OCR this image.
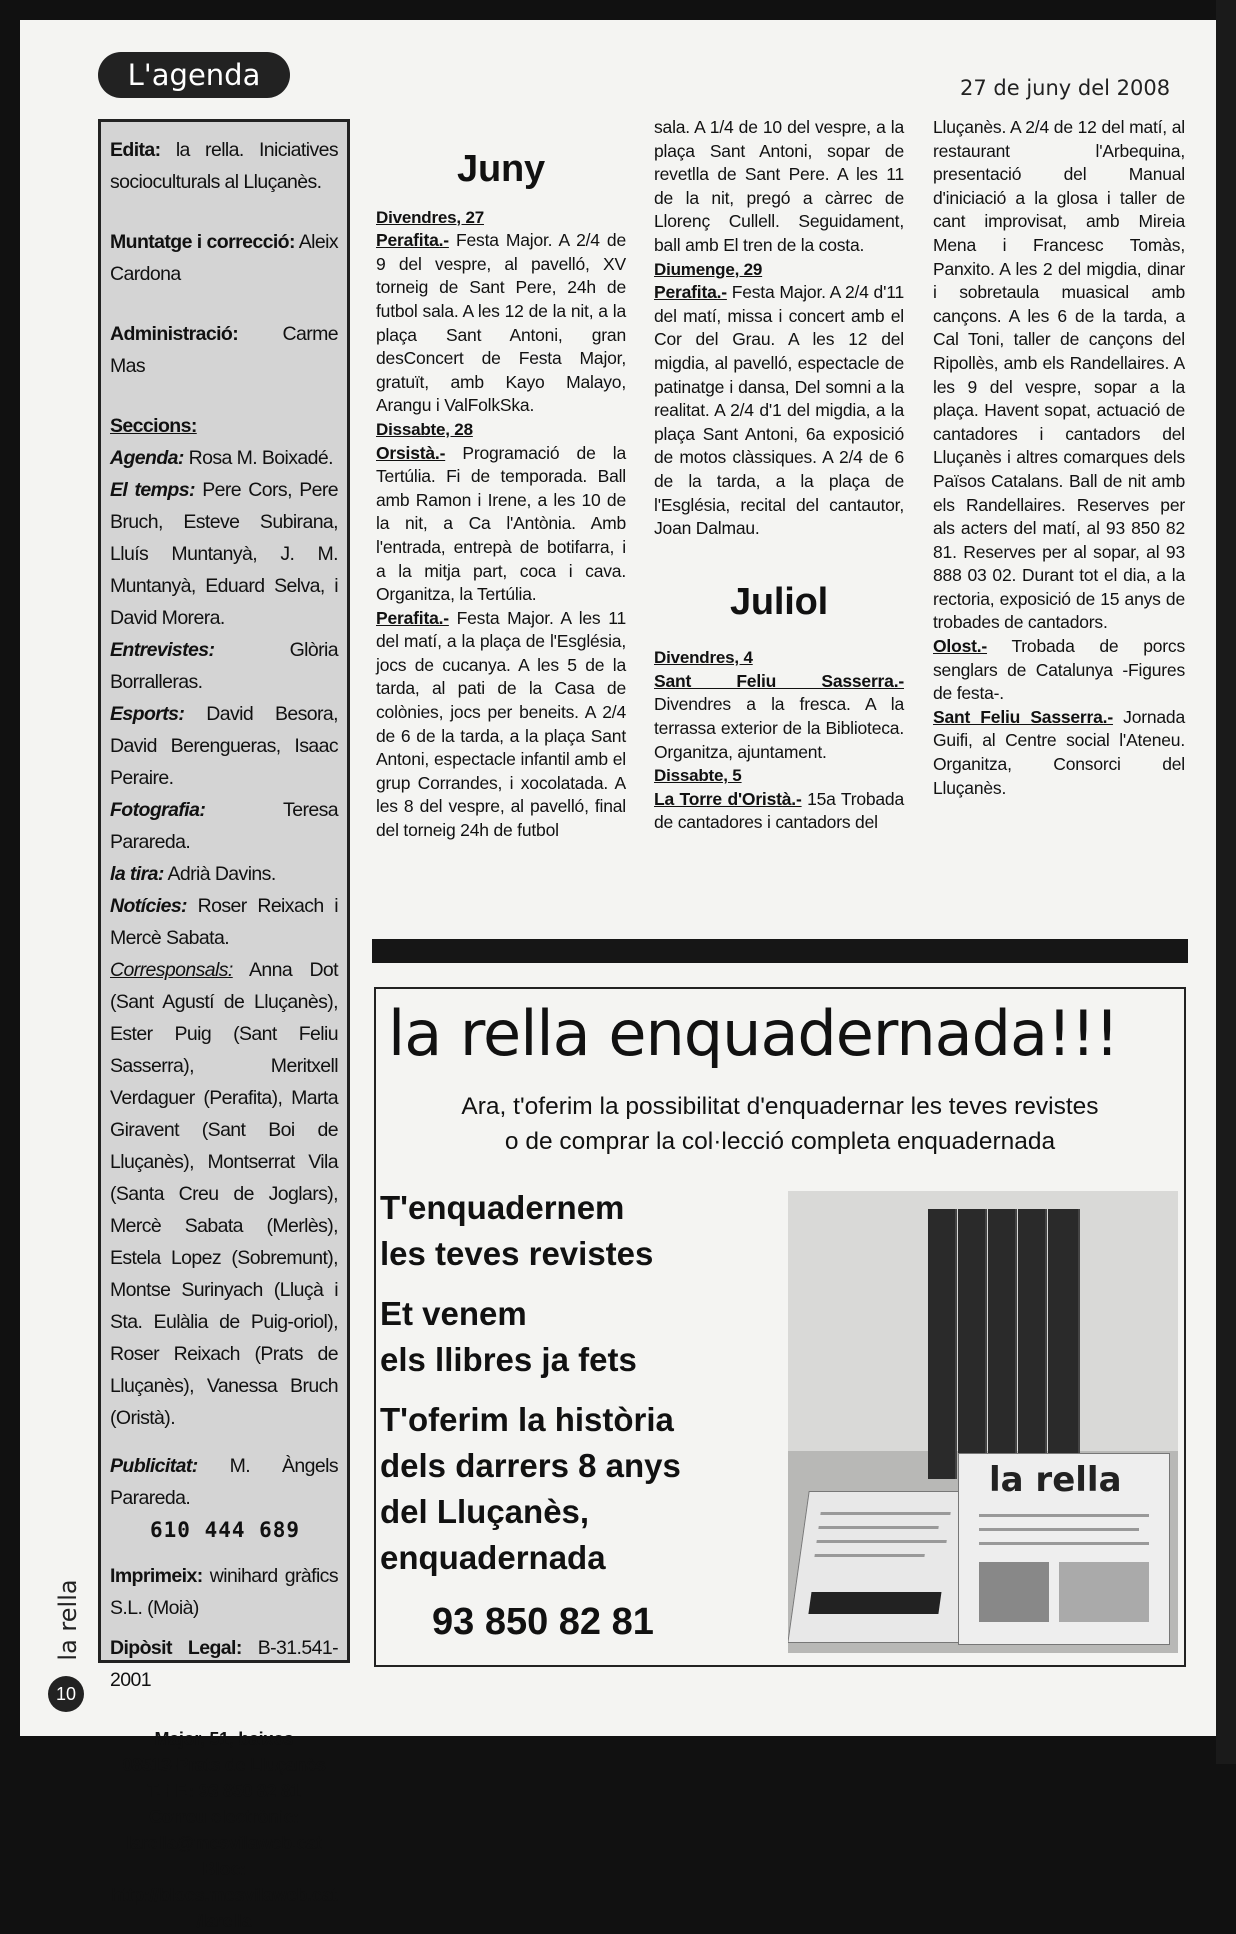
L'agenda	27 de juny del 2008

Edita: la rella. Iniciatives socioculturals al Lluçanès.

Muntatge i correcció: Aleix Cardona

Administració: Carme Mas

Seccions:

Agenda: Rosa M. Boixadé.

El temps: Pere Cors, Pere Bruch, Esteve Subirana, Lluís Muntanyà, J. M. Muntanyà, Eduard Selva, i David Morera.

Entrevistes: Glòria Borralleras.

Esports: David Besora, David Berengueras, Isaac Peraire.

Fotografia: Teresa Parareda.

la tira: Adrià Davins.

Notícies: Roser Reixach i Mercè Sabata.

Corresponsals: Anna Dot (Sant Agustí de Lluçanès), Ester Puig (Sant Feliu Sasserra), Meritxell Verdaguer (Perafita), Marta Giravent (Sant Boi de Lluçanès), Montserrat Vila (Santa Creu de Joglars), Mercè Sabata (Merlès), Estela Lopez (Sobremunt), Montse Surinyach (Lluçà i Sta. Eulàlia de Puig-oriol), Roser Reixach (Prats de Lluçanès), Vanessa Bruch (Oristà).

Publicitat: M. Àngels Parareda.

610 444 689

Imprimeix: winihard gràfics S.L. (Moià)

Dipòsit Legal: B-31.541-2001

Major, 51, baixos
08513-Prats de Lluçanès
T. i F.: 93 850 82 81
Correu electrònic:
larella@mesvilaweb.cat
Bloc:
http://blocs.mesvilaweb.cat
/larella
la rella
10
Juny

Divendres, 27

Perafita.- Festa Major. A 2/4 de 9 del vespre, al pavelló, XV torneig de Sant Pere, 24h de futbol sala. A les 12 de la nit, a la plaça Sant Antoni, gran desConcert de Festa Major, gratuït, amb Kayo Malayo, Arangu i ValFolkSka.

Dissabte, 28

Orsistà.- Programació de la Tertúlia. Fi de temporada. Ball amb Ramon i Irene, a les 10 de la nit, a Ca l'Antònia. Amb l'entrada, entrepà de botifarra, i a la mitja part, coca i cava. Organitza, la Tertúlia.

Perafita.- Festa Major. A les 11 del matí, a la plaça de l'Església, jocs de cucanya. A les 5 de la tarda, al pati de la Casa de colònies, jocs per beneits. A 2/4 de 6 de la tarda, a la plaça Sant Antoni, espectacle infantil amb el grup Corrandes, i xocolatada. A les 8 del vespre, al pavelló, final del torneig 24h de futbol

sala. A 1/4 de 10 del vespre, a la plaça Sant Antoni, sopar de revetlla de Sant Pere. A les 11 de la nit, pregó a càrrec de Llorenç Cullell. Seguidament, ball amb El tren de la costa.

Diumenge, 29

Perafita.- Festa Major. A 2/4 d'11 del matí, missa i concert amb el Cor del Grau. A les 12 del migdia, al pavelló, espectacle de patinatge i dansa, Del somni a la realitat. A 2/4 d'1 del migdia, a la plaça Sant Antoni, 6a exposició de motos clàssiques. A 2/4 de 6 de la tarda, a la plaça de l'Església, recital del cantautor, Joan Dalmau.

Juliol

Divendres, 4

Sant Feliu Sasserra.- Divendres a la fresca. A la terrassa exterior de la Biblioteca. Organitza, ajuntament.

Dissabte, 5

La Torre d'Oristà.- 15a Trobada de cantadores i cantadors del

Lluçanès. A 2/4 de 12 del matí, al restaurant l'Arbequina, presentació del Manual d'iniciació a la glosa i taller de cant improvisat, amb Mireia Mena i Francesc Tomàs, Panxito. A les 2 del migdia, dinar i sobretaula muasical amb cançons. A les 6 de la tarda, a Cal Toni, taller de cançons del Ripollès, amb els Randellaires. A les 9 del vespre, sopar a la plaça. Havent sopat, actuació de cantadores i cantadors del Lluçanès i altres comarques dels Països Catalans. Ball de nit amb els Randellaires. Reserves per als acters del matí, al 93 850 82 81. Reserves per al sopar, al 93 888 03 02. Durant tot el dia, a la rectoria, exposició de 15 anys de trobades de cantadors.

Olost.- Trobada de porcs senglars de Catalunya -Figures de festa-.

Sant Feliu Sasserra.- Jornada Guifi, al Centre social l'Ateneu. Organitza, Consorci del Lluçanès.

la rella enquadernada!!!
Ara, t'oferim la possibilitat d'enquadernar les teves revistes
o de comprar la col·lecció completa enquadernada
T'enquadernem
les teves revistes
Et venem
els llibres ja fets
T'oferim la història
dels darrers 8 anys
del Lluçanès,
enquadernada
93 850 82 81
la rella
